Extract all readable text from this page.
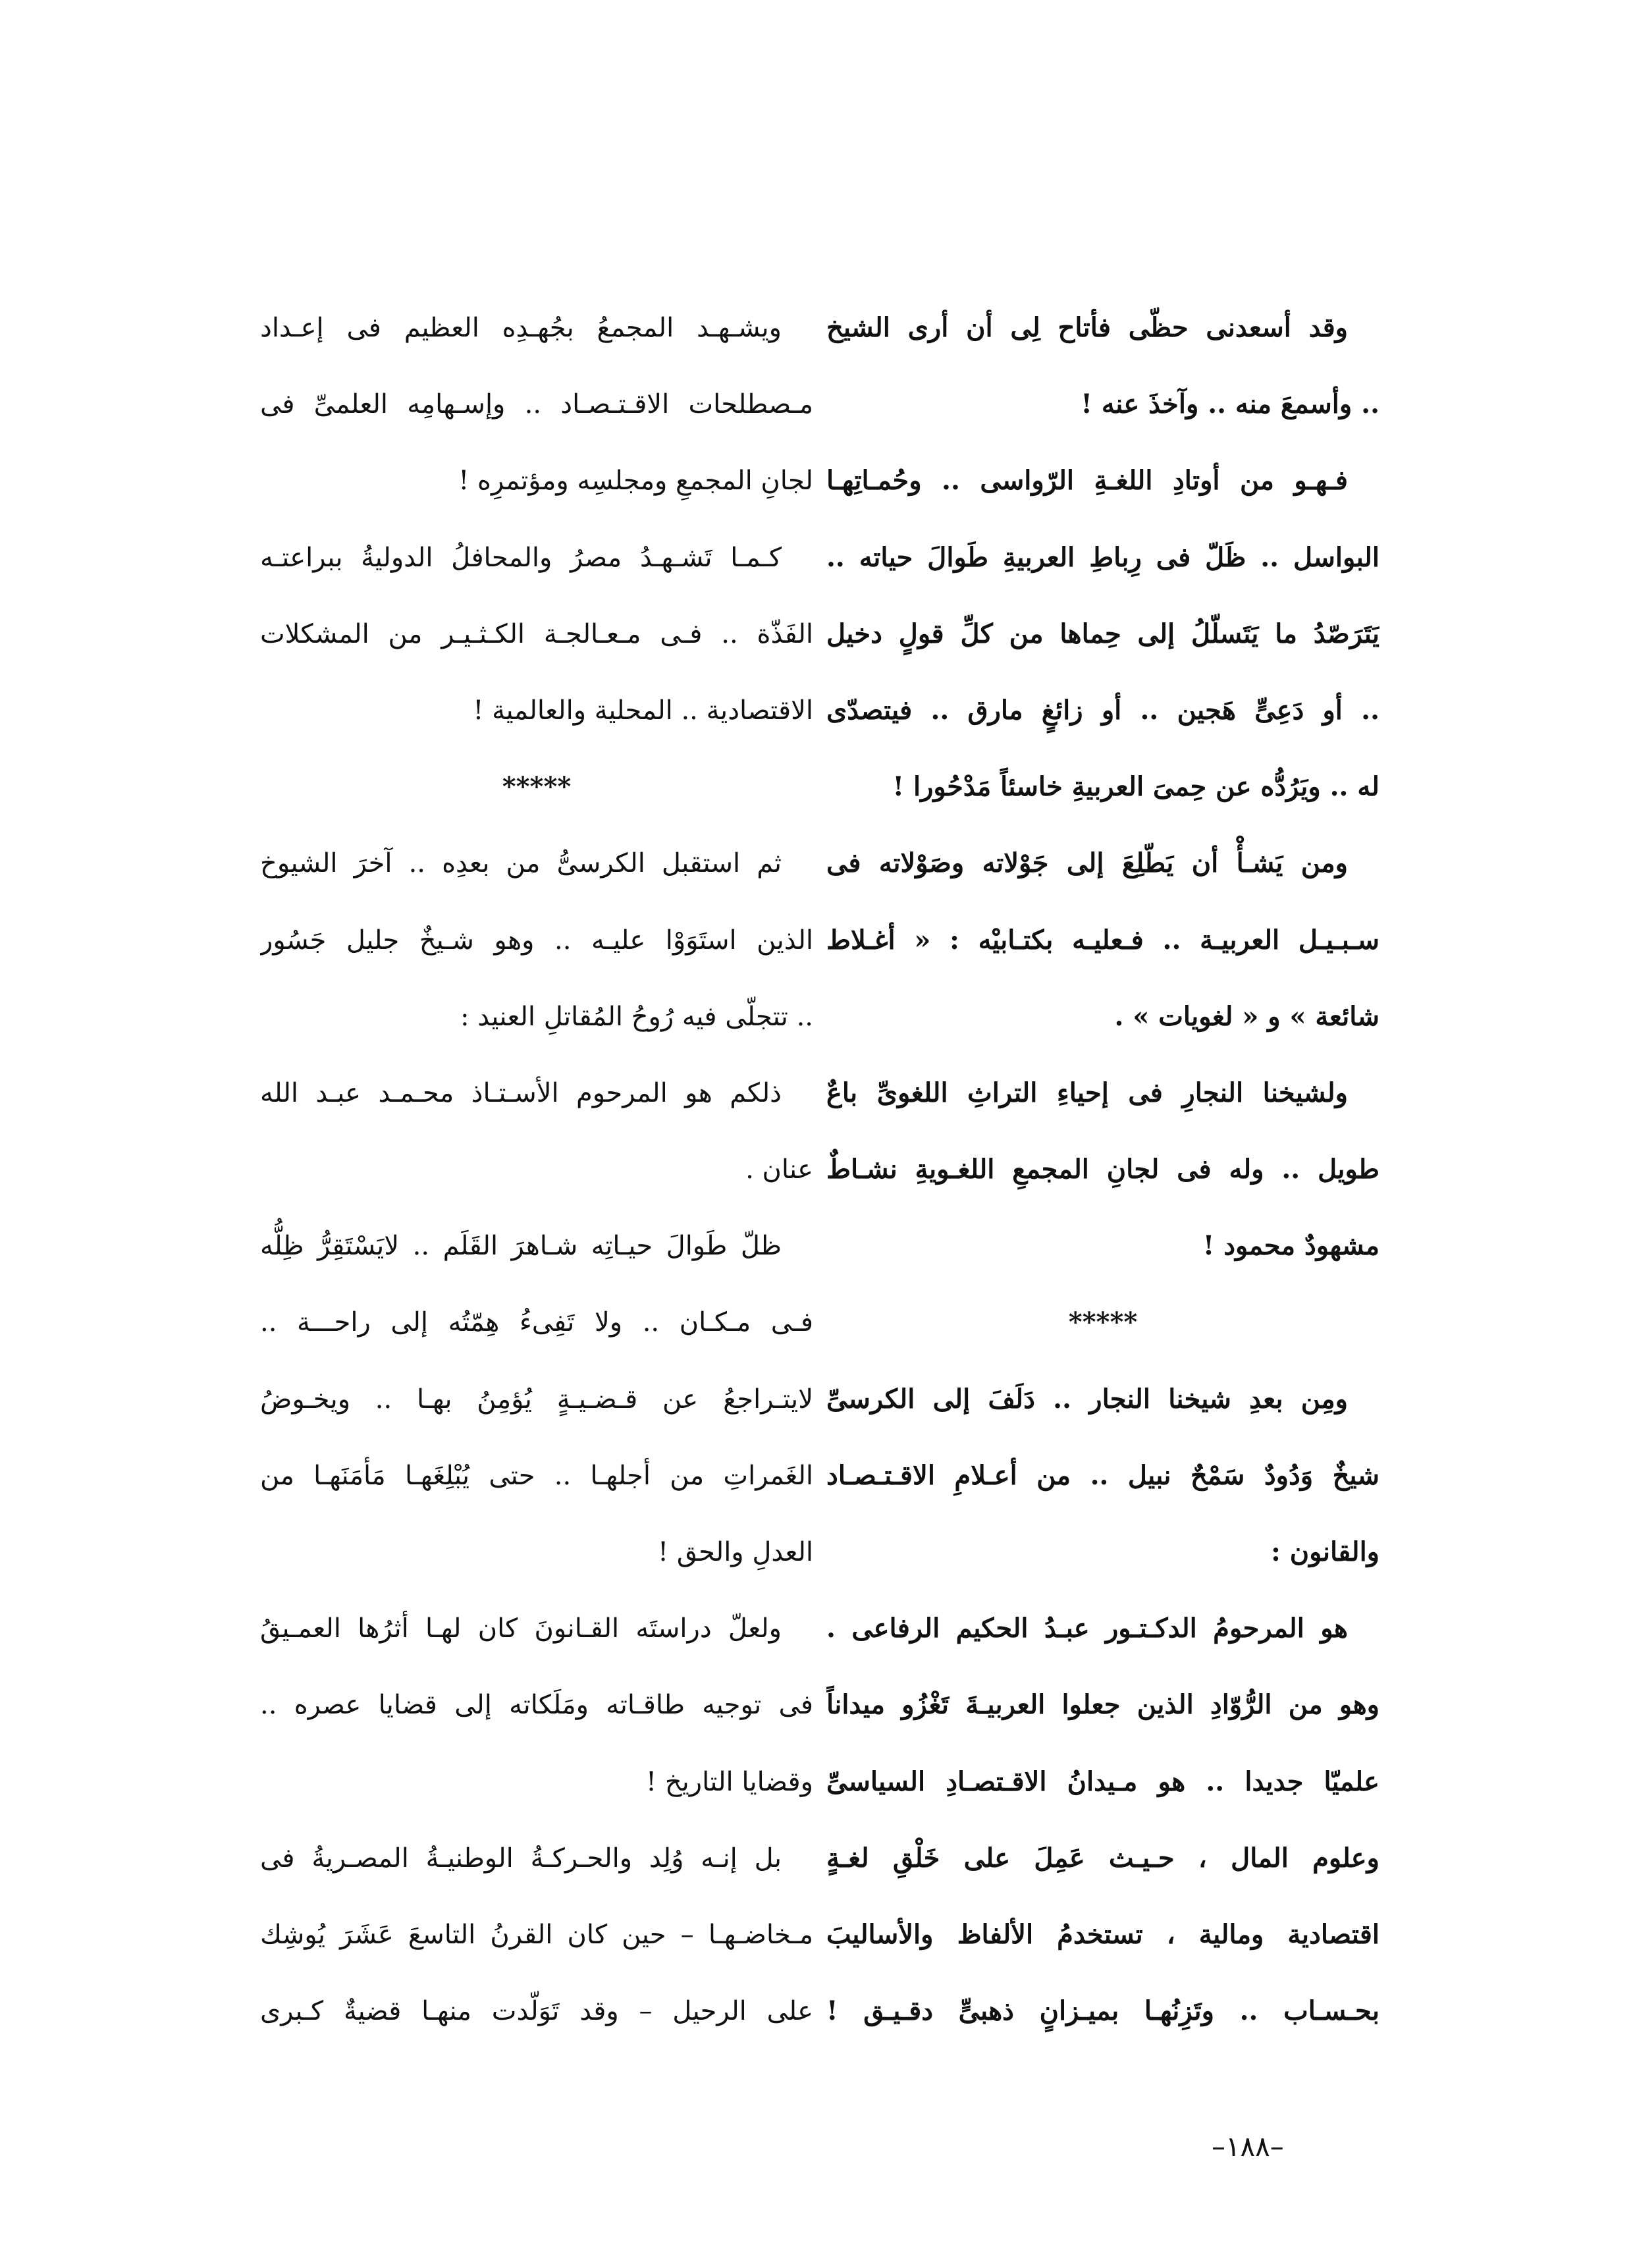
وقد أسعدنى حظّى فأتاح لِى أن أرى الشيخ
.. وأسمعَ منه .. وآخذَ عنه !
فـهـو من أوتادِ اللغـةِ الرّواسى .. وحُمـاتِهـا
البواسل .. ظَلّ فى رِباطِ العربيةِ طَوالَ حياته ..
يَتَرَصّدُ ما يَتَسلّلُ إلى حِماها من كلِّ قولٍ دخيل
.. أو دَعِىٍّ هَجين .. أو زائغٍ مارق .. فيتصدّى
له .. ويَرُدُّه عن حِمىَ العربيةِ خاسئاً مَدْحُورا !
ومن يَشـأْ أن يَطّلِعَ إلى جَوْلاته وصَوْلاته فى
سـبـيـل العربيـة .. فـعليـه بكتـابيْه : « أغـلاط
شائعة » و « لغويات » .
ولشيخنا النجارِ فى إحياءِ التراثِ اللغوىِّ باعٌ
طويل .. وله فى لجانِ المجمعِ اللغـويةِ نشـاطٌ
مشهودٌ محمود !
*****
ومِن بعدِ شيخنا النجار .. دَلَفَ إلى الكرسىِّ
شيخٌ وَدُودٌ سَمْحٌ نبيل .. من أعـلامِ الاقـتـصـاد
والقانون :
هو المرحومُ الدكـتـور عبـدُ الحكيم الرفاعى .
وهو من الرُّوّادِ الذين جعلوا العربيـةَ تَغْزُو ميداناً
علميّا جديدا .. هو مـيدانُ الاقـتصـادِ السياسىِّ
وعلوم المال ، حـيـث عَمِلَ على خَلْقِ لغـةٍ
اقتصادية ومالية ، تستخدمُ الألفاظ والأساليبَ
بحـسـاب .. وتَزِنُهـا بميـزانٍ ذهبىٍّ دقـيـق !
ويشـهـد المجمعُ بجُهـدِه العظيم فى إعـداد
مـصطلحات الاقـتـصـاد .. وإسـهامِه العلمىِّ فى
لجانِ المجمعِ ومجلسِه ومؤتمرِه !
كـمـا تَشـهـدُ مصرُ والمحافلُ الدوليةُ ببراعتـه
الفَذّة .. فـى مـعـالجـة الكـثـيـر من المشكلات
الاقتصادية .. المحلية والعالمية !
*****
ثم استقبل الكرسىُّ من بعدِه .. آخرَ الشيوخ
الذين استَوَوْا عليـه .. وهو شـيخٌ جليل جَسُور
.. تتجلّى فيه رُوحُ المُقاتلِ العنيد :
ذلكم هو المرحوم الأسـتـاذ محـمـد عبـد الله
عنان .
ظلّ طَوالَ حيـاتِه شـاهرَ القَلَم .. لايَسْتَقِرُّ ظِلُّه
فـى مـكـان .. ولا تَفِىءُ هِمّتُه إلى راحـــة ..
لايتـراجعُ عن قـضـيـةٍ يُؤمِنُ بهـا .. ويخـوضُ
الغَمراتِ من أجلهـا .. حتى يُبْلِغَهـا مَأمَنَهـا من
العدلِ والحق !
ولعلّ دراستَه القـانونَ كان لهـا أثرُها العمـيقُ
فى توجيه طاقـاته ومَلَكاته إلى قضايا عصره ..
وقضايا التاريخ !
بل إنـه وُلِد والحـركـةُ الوطنيـةُ المصـريةُ فى
مـخاضـهـا – حين كان القرنُ التاسعَ عَشَرَ يُوشِك
على الرحيل – وقد تَوَلّدت منهـا قضيةٌ كـبرى
–١٨٨–
